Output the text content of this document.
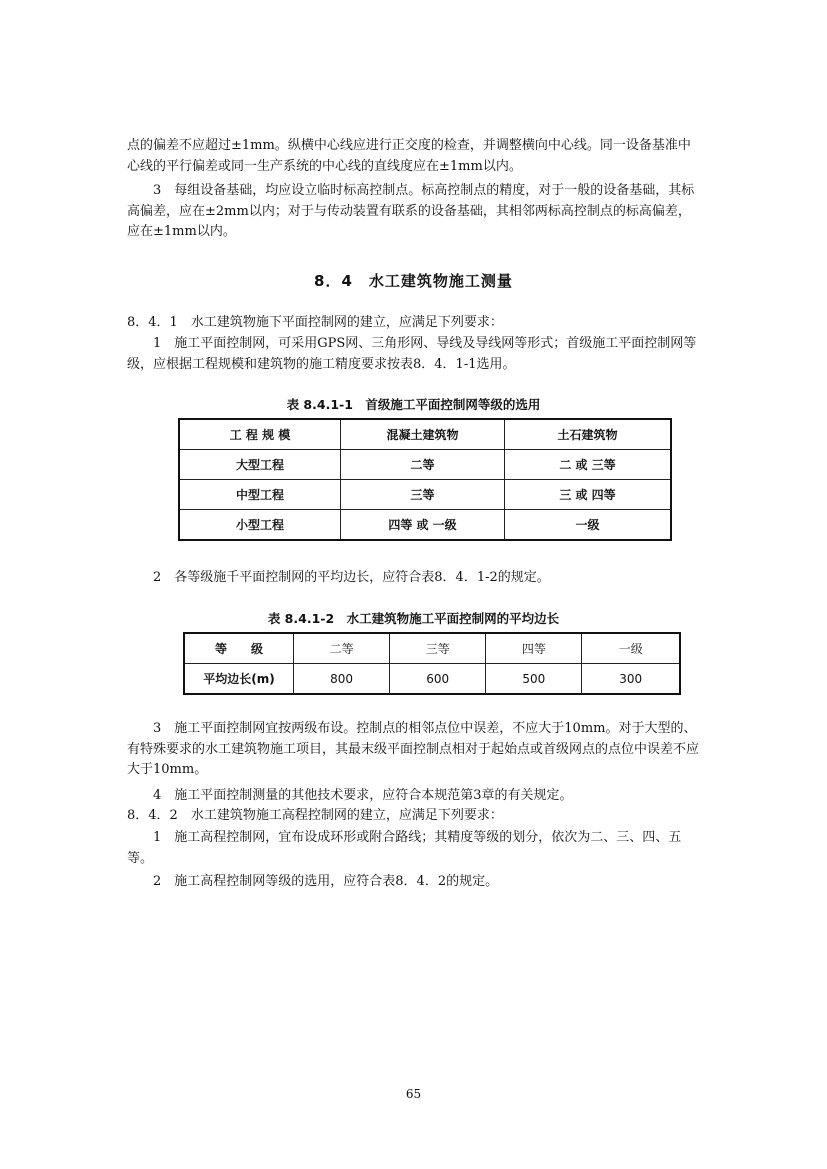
点的偏差不应超过±1mm。纵横中心线应进行正交度的检查，并调整横向中心线。同一设备基准中心线的平行偏差或同一生产系统的中心线的直线度应在±1mm以内。

3　每组设备基础，均应设立临时标高控制点。标高控制点的精度，对于一般的设备基础，其标高偏差，应在±2mm以内；对于与传动装置有联系的设备基础，其相邻两标高控制点的标高偏差，应在±1mm以内。

8．4　水工建筑物施工测量

8．4．1　水工建筑物施下平面控制网的建立，应满足下列要求：

1　施工平面控制网，可采用GPS网、三角形网、导线及导线网等形式；首级施工平面控制网等级，应根据工程规模和建筑物的施工精度要求按表8．4．1-1选用。

表 8.4.1-1　首级施工平面控制网等级的选用
工 程 规 模	混凝土建筑物	土石建筑物
大型工程	二等	二 或 三等
中型工程	三等	三 或 四等
小型工程	四等 或 一级	一级

2　各等级施千平面控制网的平均边长，应符合表8．4．1-2的规定。

表 8.4.1-2　水工建筑物施工平面控制网的平均边长
等　　级	二等	三等	四等	一级
平均边长(m)	800	600	500	300

3　施工平面控制网宜按两级布设。控制点的相邻点位中误差，不应大于10mm。对于大型的、有特殊要求的水工建筑物施工项目，其最末级平面控制点相对于起始点或首级网点的点位中误差不应大于10mm。

4　施工平面控制测量的其他技术要求，应符合本规范第3章的有关规定。

8．4．2　水工建筑物施工高程控制网的建立，应满足下列要求：

1　施工高程控制网，宜布设成环形或附合路线；其精度等级的划分，依次为二、三、四、五等。

2　施工高程控制网等级的选用，应符合表8．4．2的规定。

65
